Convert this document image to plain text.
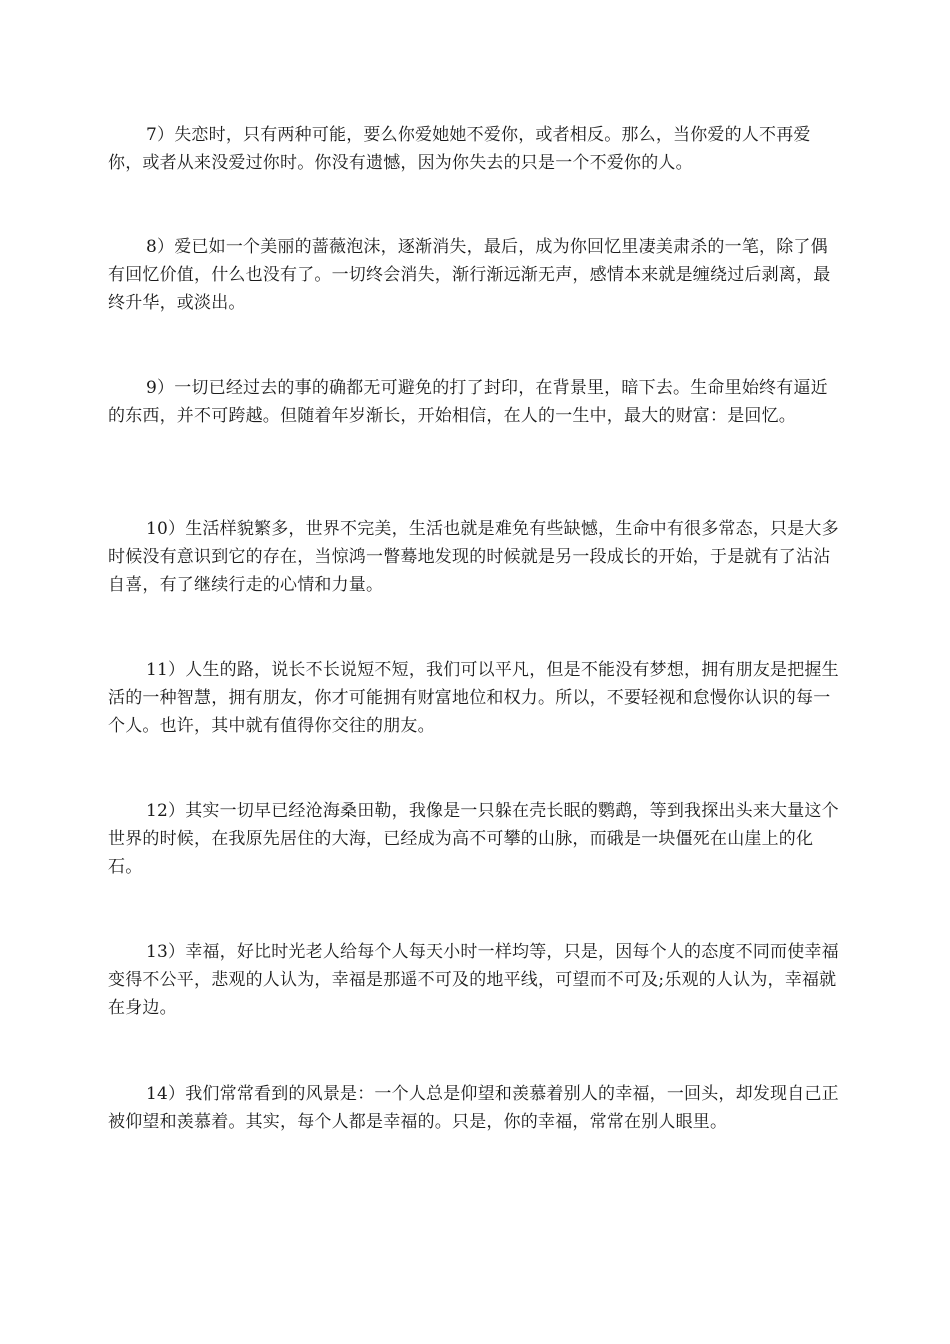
7）失恋时，只有两种可能，要么你爱她她不爱你，或者相反。那么，当你爱的人不再爱你，或者从来没爱过你时。你没有遗憾，因为你失去的只是一个不爱你的人。

8）爱已如一个美丽的蔷薇泡沫，逐渐消失，最后，成为你回忆里凄美肃杀的一笔，除了偶有回忆价值，什么也没有了。一切终会消失，渐行渐远渐无声，感情本来就是缠绕过后剥离，最终升华，或淡出。

9）一切已经过去的事的确都无可避免的打了封印，在背景里，暗下去。生命里始终有逼近的东西，并不可跨越。但随着年岁渐长，开始相信，在人的一生中，最大的财富：是回忆。

10）生活样貌繁多，世界不完美，生活也就是难免有些缺憾，生命中有很多常态，只是大多时候没有意识到它的存在，当惊鸿一瞥蓦地发现的时候就是另一段成长的开始，于是就有了沾沾自喜，有了继续行走的心情和力量。

11）人生的路，说长不长说短不短，我们可以平凡，但是不能没有梦想，拥有朋友是把握生活的一种智慧，拥有朋友，你才可能拥有财富地位和权力。所以，不要轻视和怠慢你认识的每一个人。也许，其中就有值得你交往的朋友。

12）其实一切早已经沧海桑田勒，我像是一只躲在壳长眠的鹦鹉，等到我探出头来大量这个世界的时候，在我原先居住的大海，已经成为高不可攀的山脉，而硪是一块僵死在山崖上的化石。

13）幸福，好比时光老人给每个人每天小时一样均等，只是，因每个人的态度不同而使幸福变得不公平，悲观的人认为，幸福是那遥不可及的地平线，可望而不可及;乐观的人认为，幸福就在身边。

14）我们常常看到的风景是：一个人总是仰望和羡慕着别人的幸福，一回头，却发现自己正被仰望和羡慕着。其实，每个人都是幸福的。只是，你的幸福，常常在别人眼里。
